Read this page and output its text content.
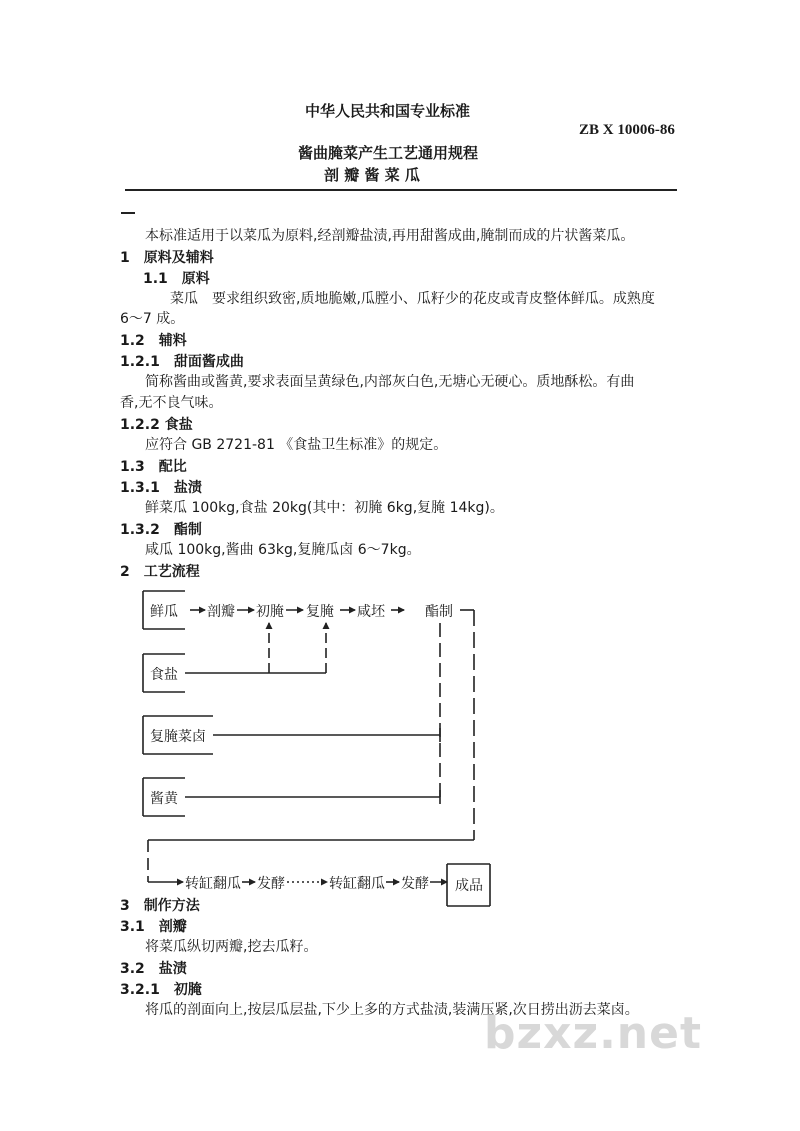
中华人民共和国专业标准
ZB X 10006-86
酱曲腌菜产生工艺通用规程
剖 瓣 酱 菜 瓜
本标准适用于以菜瓜为原料,经剖瓣盐渍,再用甜酱成曲,腌制而成的片状酱菜瓜。
1　原料及辅料
1.1　原料
菜瓜　要求组织致密,质地脆嫩,瓜膛小、瓜籽少的花皮或青皮整体鲜瓜。成熟度
6～7 成。
1.2　辅料
1.2.1　甜面酱成曲
简称酱曲或酱黄,要求表面呈黄绿色,内部灰白色,无塘心无硬心。质地酥松。有曲
香,无不良气味。
1.2.2 食盐
应符合 GB 2721-81 《食盐卫生标准》的规定。
1.3　配比
1.3.1　盐渍
鲜菜瓜 100kg,食盐 20kg(其中：初腌 6kg,复腌 14kg)。
1.3.2　酯制
咸瓜 100kg,酱曲 63kg,复腌瓜卤 6～7kg。
2　工艺流程
鲜瓜 剖瓣 初腌 复腌 咸坯	酯制
食盐
复腌菜卤
酱黄
转缸翻瓜 发酵	转缸翻瓜 发酵 成品
3　制作方法
3.1　剖瓣
将菜瓜纵切两瓣,挖去瓜籽。
3.2　盐渍
3.2.1　初腌
将瓜的剖面向上,按层瓜层盐,下少上多的方式盐渍,装满压紧,次日捞出沥去菜卤。
bzxz.net
